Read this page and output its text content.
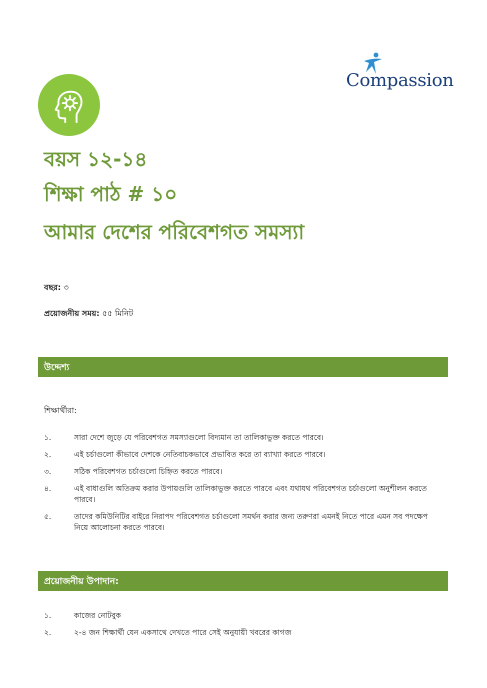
Compassion
বয়স ১২-১৪
শিক্ষা পাঠ # ১০
আমার দেশের পরিবেশগত সমস্যা
বছর: ৩
প্রয়োজনীয় সময়: ৫৫ মিনিট
উদ্দেশ্য
শিক্ষার্থীরা:
১.	সারা দেশে জুড়ে যে পরিবেশগত সমস্যাগুলো বিদ্যমান তা তালিকাভুক্ত করতে পারবে।
২.	এই চর্চাগুলো কীভাবে দেশকে নেতিবাচকভাবে প্রভাবিত করে তা ব্যাখ্যা করতে পারবে।
৩.	সঠিক পরিবেশগত চর্চাগুলো চিহ্নিত করতে পারবে।
৪.	এই বাধাগুলি অতিক্রম করার উপায়গুলি তালিকাভুক্ত করতে পারবে এবং যথাযথ পরিবেশগত চর্চাগুলো অনুশীলন করতে পারবে।
৫.	তাদের কমিউনিটির বাইরে নিরাপদ পরিবেশগত চর্চাগুলো সমর্থন করার জন্য তরুণরা এমনই নিতে পারে এমন সব পদক্ষেপ নিয়ে আলোচনা করতে পারবে।
প্রয়োজনীয় উপাদান:
১.	কাজের নোটবুক
২.	২-৪ জন শিক্ষার্থী যেন একসাথে দেখতে পারে সেই অনুযায়ী খবরের কাগজ
